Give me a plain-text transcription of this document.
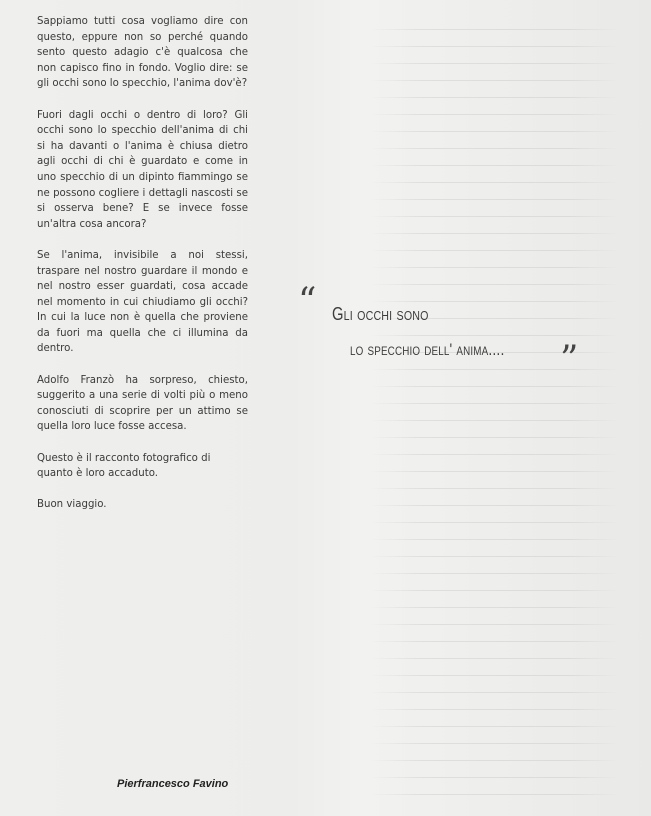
Sappiamo tutti cosa vogliamo dire con questo, eppure non so perché quando sento questo adagio c'è qualcosa che non capisco fino in fondo. Voglio dire: se gli occhi sono lo specchio, l'anima dov'è?

Fuori dagli occhi o dentro di loro? Gli occhi sono lo specchio dell'anima di chi si ha davanti o l'anima è chiusa dietro agli occhi di chi è guardato e come in uno specchio di un dipinto fiammingo se ne possono cogliere i dettagli nascosti se si osserva bene? E se invece fosse un'altra cosa ancora?

Se l'anima, invisibile a noi stessi, traspare nel nostro guardare il mondo e nel nostro esser guardati, cosa accade nel momento in cui chiudiamo gli occhi? In cui la luce non è quella che proviene da fuori ma quella che ci illumina da dentro.

Adolfo Franzò ha sorpreso, chiesto, suggerito a una serie di volti più o meno conosciuti di scoprire per un attimo se quella loro luce fosse accesa.

Questo è il racconto fotografico di quanto è loro accaduto.

Buon viaggio.

Pierfrancesco Favino
“ Gli occhi sono
lo specchio dell' anima.... ”
